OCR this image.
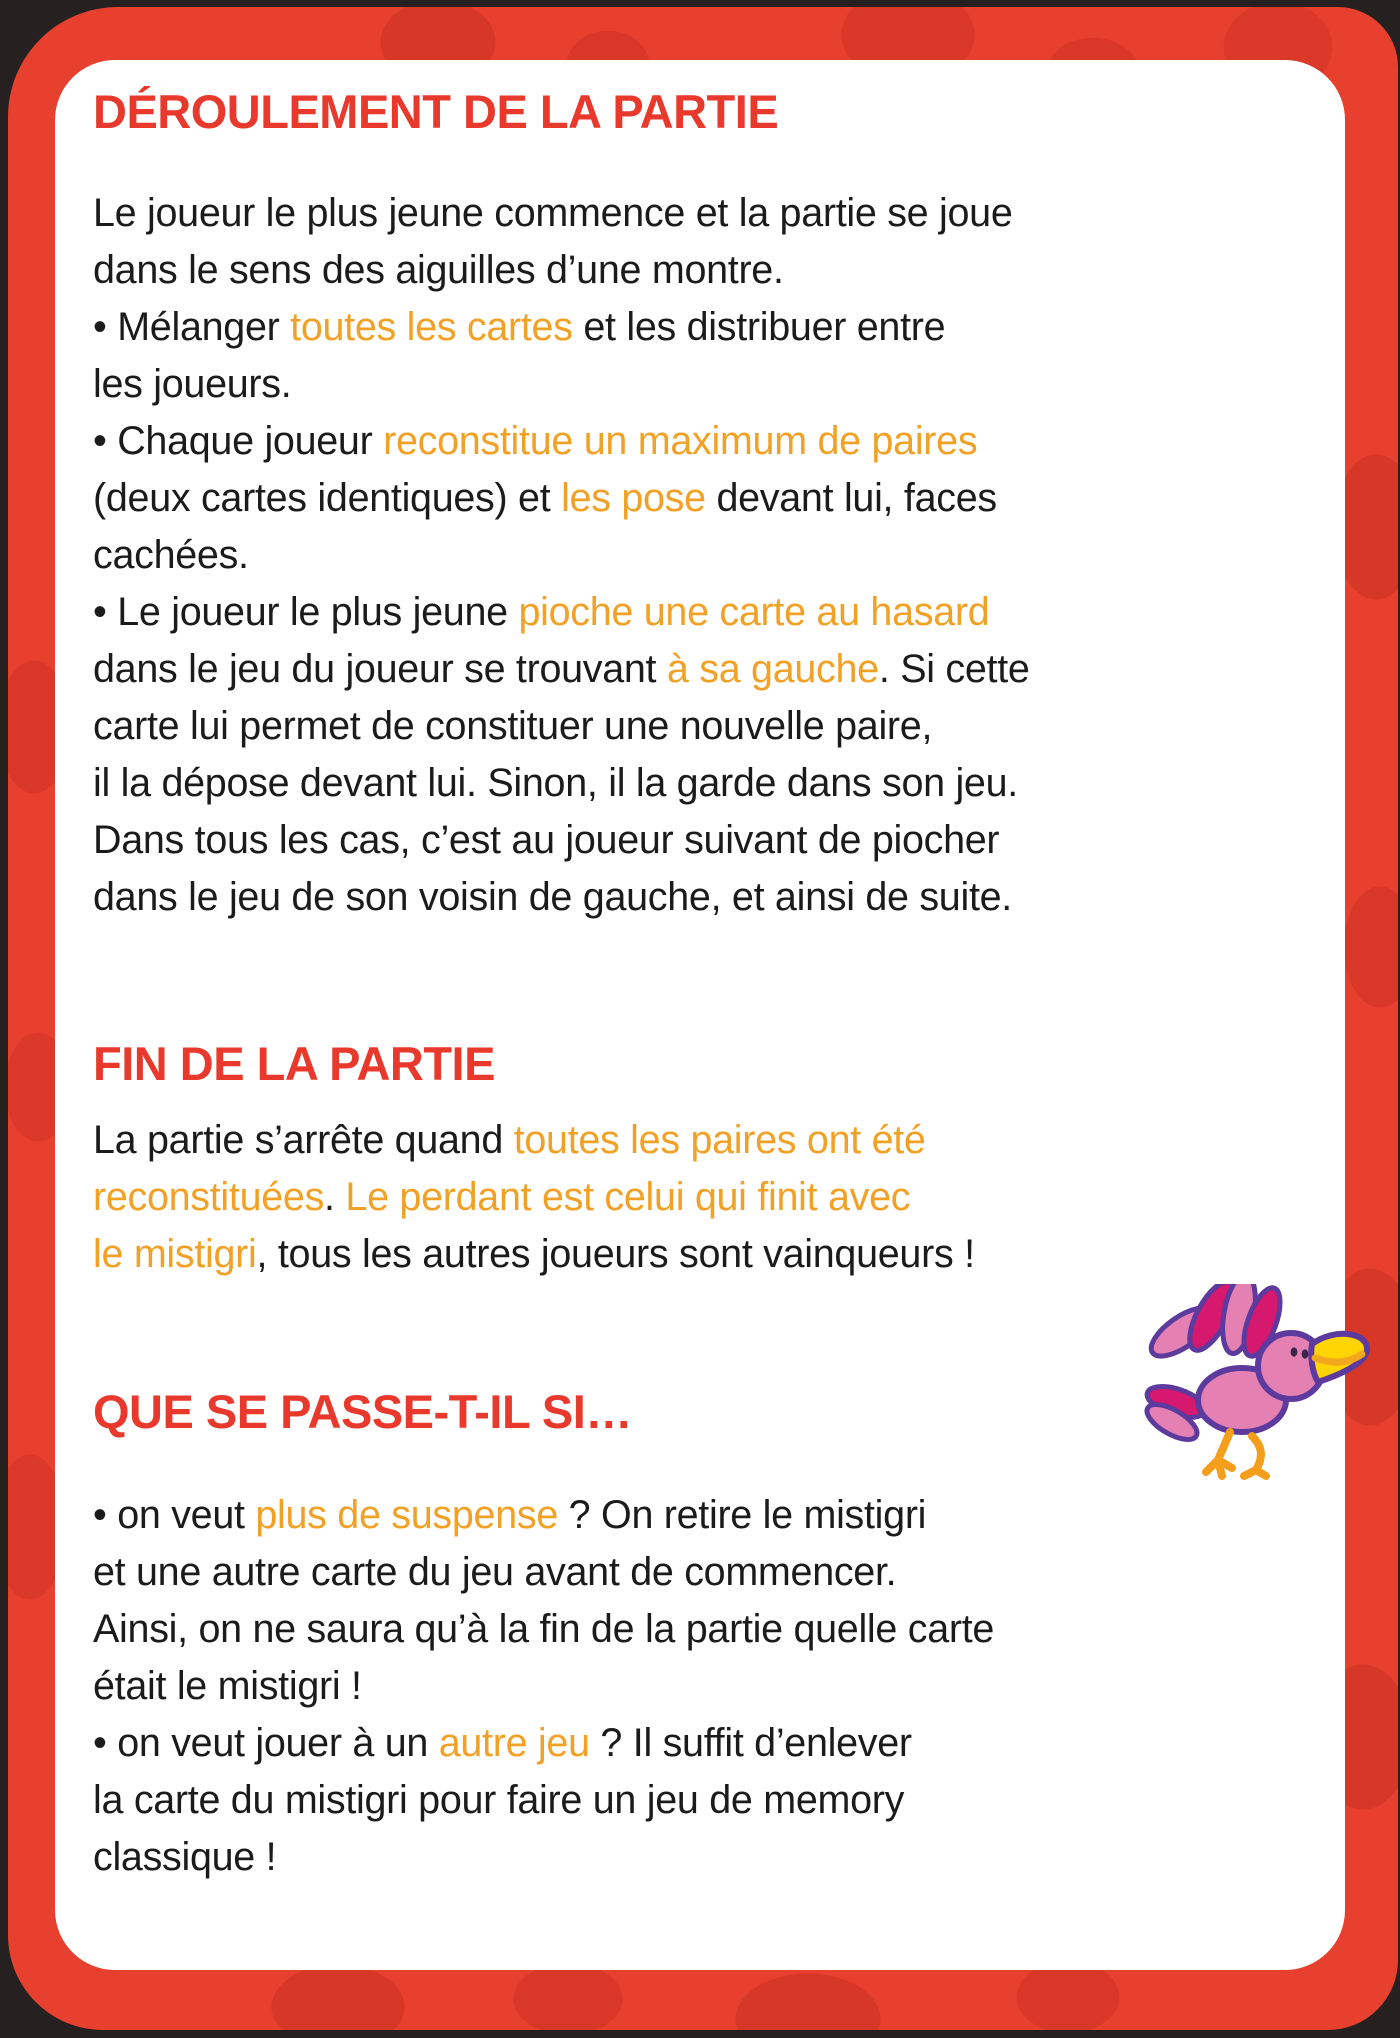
DÉROULEMENT DE LA PARTIE
Le joueur le plus jeune commence et la partie se joue
dans le sens des aiguilles d’une montre.
• Mélanger toutes les cartes et les distribuer entre
les joueurs.
• Chaque joueur reconstitue un maximum de paires
(deux cartes identiques) et les pose devant lui, faces
cachées.
• Le joueur le plus jeune pioche une carte au hasard
dans le jeu du joueur se trouvant à sa gauche. Si cette
carte lui permet de constituer une nouvelle paire,
il la dépose devant lui. Sinon, il la garde dans son jeu.
Dans tous les cas, c’est au joueur suivant de piocher
dans le jeu de son voisin de gauche, et ainsi de suite.
FIN DE LA PARTIE
La partie s’arrête quand toutes les paires ont été
reconstituées. Le perdant est celui qui finit avec
le mistigri, tous les autres joueurs sont vainqueurs !
QUE SE PASSE-T-IL SI…
• on veut plus de suspense ? On retire le mistigri
et une autre carte du jeu avant de commencer.
Ainsi, on ne saura qu’à la fin de la partie quelle carte
était le mistigri !
• on veut jouer à un autre jeu ? Il suffit d’enlever
la carte du mistigri pour faire un jeu de memory
classique !
